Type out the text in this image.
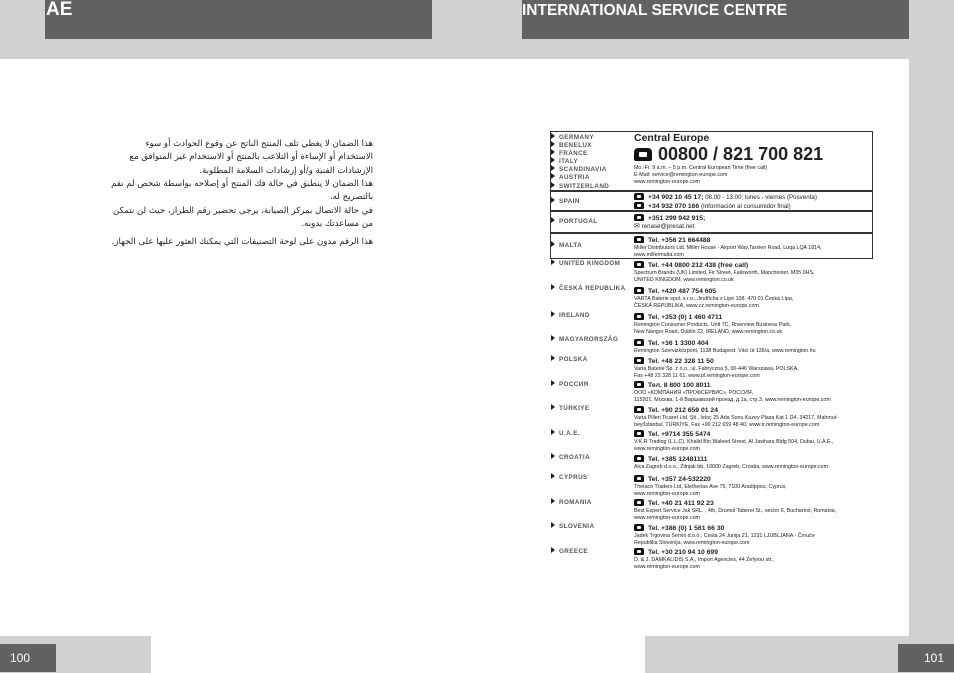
AE	INTERNATIONAL SERVICE CENTRE
100	101

هذا الضمان لا يغطي تلف المنتج الناتج عن وقوع الحوادث أو سوء الاستخدام أو الإساءة أو التلاعب بالمنتج أو الاستخدام غير المتوافق مع الإرشادات الفنية و/أو إرشادات السلامة المطلوبة.

هذا الضمان لا ينطبق في حالة فك المنتج أو إصلاحه بواسطة شخص لم نقم بالتصريح له.

في حالة الاتصال بمركز الصيانة، يرجى تحضير رقم الطراز، حيث لن نتمكن من مساعدتك بدونه.

هذا الرقم مدون على لوحة التصنيفات التي يمكنك العثور عليها على الجهاز.

GERMANY
BENELUX
FRANCE
ITALY
SCANDINAVIA
AUSTRIA
SWITZERLAND
SPAIN
PORTUGAL
MALTA
UNITED KINGDOM
ČESKÁ REPUBLIKA
IRELAND
MAGYARORSZÁG
POLSKA
РОССИЯ
TÜRKIYE
U.A.E.
CROATIA
CYPRUS
ROMANIA
SLOVENIA
GREECE
Central Europe
00800 / 821 700 821
Mo.-Fr. 9 a.m. – 5 p.m. Central European Time (free call)
E-Mail: service@remington-europe.com
www.remington-europe.com
+34 902 10 45 17; 08.00 - 13.00; lunes - viernes (Posventa)
+34 932 070 166 (Información al consumidor final)
+351 299 942 915;
✉ renase@presat.net
Tel. +356 21 664488
Miller Distributors Ltd, Miller House - Airport Way,Tarxien Road, Luqa LQA 1814,
www.millermalta.com
Tel. +44 0800 212 438 (free call)
Spectrum Brands (UK) Limited, Fir Street, Failsworth, Manchester, M35 0HS,
UNITED KINGDOM, www.remington.co.uk
Tel. +420 487 754 605
VARTA Baterie spol. s r.o., Jindřicha z Lipé 108, 470 01 Česká Lípa,
ČESKÁ REPUBLIKA, www.cz.remington-europe.com
Tel. +353 (0) 1 460 4711
Remington Consumer Products, Unit 7C, Riverview Business Park,
New Nangor Road, Dublin 22, IRELAND, www.remington.co.uk
Tel. +36 1 3300 404
Remington Szervizközpont, 1138 Budapest, Váci út 136/a, www.remington.hu
Tel. +48 22 328 11 50
Varta Baterie Sp. z o.o., ul. Fabryczna 5, 00-446 Warszawa, POLSKA,
Fax +48 22 328 11 61, www.pl.remington-europe.com
Тел. 8 800 100 8011
ООО «КОМПАНИЯ «ПРОФСЕРВИС», РОССИЯ,
115201, Москва, 1-й Варшавский проезд, д.1а, стр.3, www.remington-europe.com
Tel. +90 212 659 01 24
Varta Pilleri Ticaret Ltd. Şti., İstoç 25 Ada Sonu Kuzey Plaza Kat 1 D4, 34217, Mahmut-
bey/İstanbul, TÜRKİYE, Fax +90 212 659 48 40, www.tr.remington-europe.com
Tel. +9714 355 5474
V.K.R Trading (L.L.C), Khalid Bin Waleed Street, Al Jawhara Bldg 504, Dubai, U.A.E.,
www.remington-europe.com
Tel. +385 12481111
Alca Zagreb d.o.o., Zitnjak bb, 10000 Zagreb, Croatia, www.remington-europe.com
Tel. +357 24-532220
Thetaco Traders Ltd, Eletherias Ave 75, 7100 Aradippou, Cyprus,
www.remington-europe.com
Tel. +40 21 411 92 23
Best Expert Service Jak SRL. , 4th, Drumul Taberei St., sector 6, Bucharest, Romania,
www.remington-europe.com
Tel. +386 (0) 1 561 66 30
Jadek Trgovina Servis d.o.o., Cesta 24 Junija 21, 1231 LJUBLJANA - Črnuče
Republika Slovenija, www.remington-europe.com
Tel. +30 210 94 10 699
D. & J. DAMKALIDIS S.A., Import Agencies, 44 Zefyrou str.,
www.remington-europe.com
